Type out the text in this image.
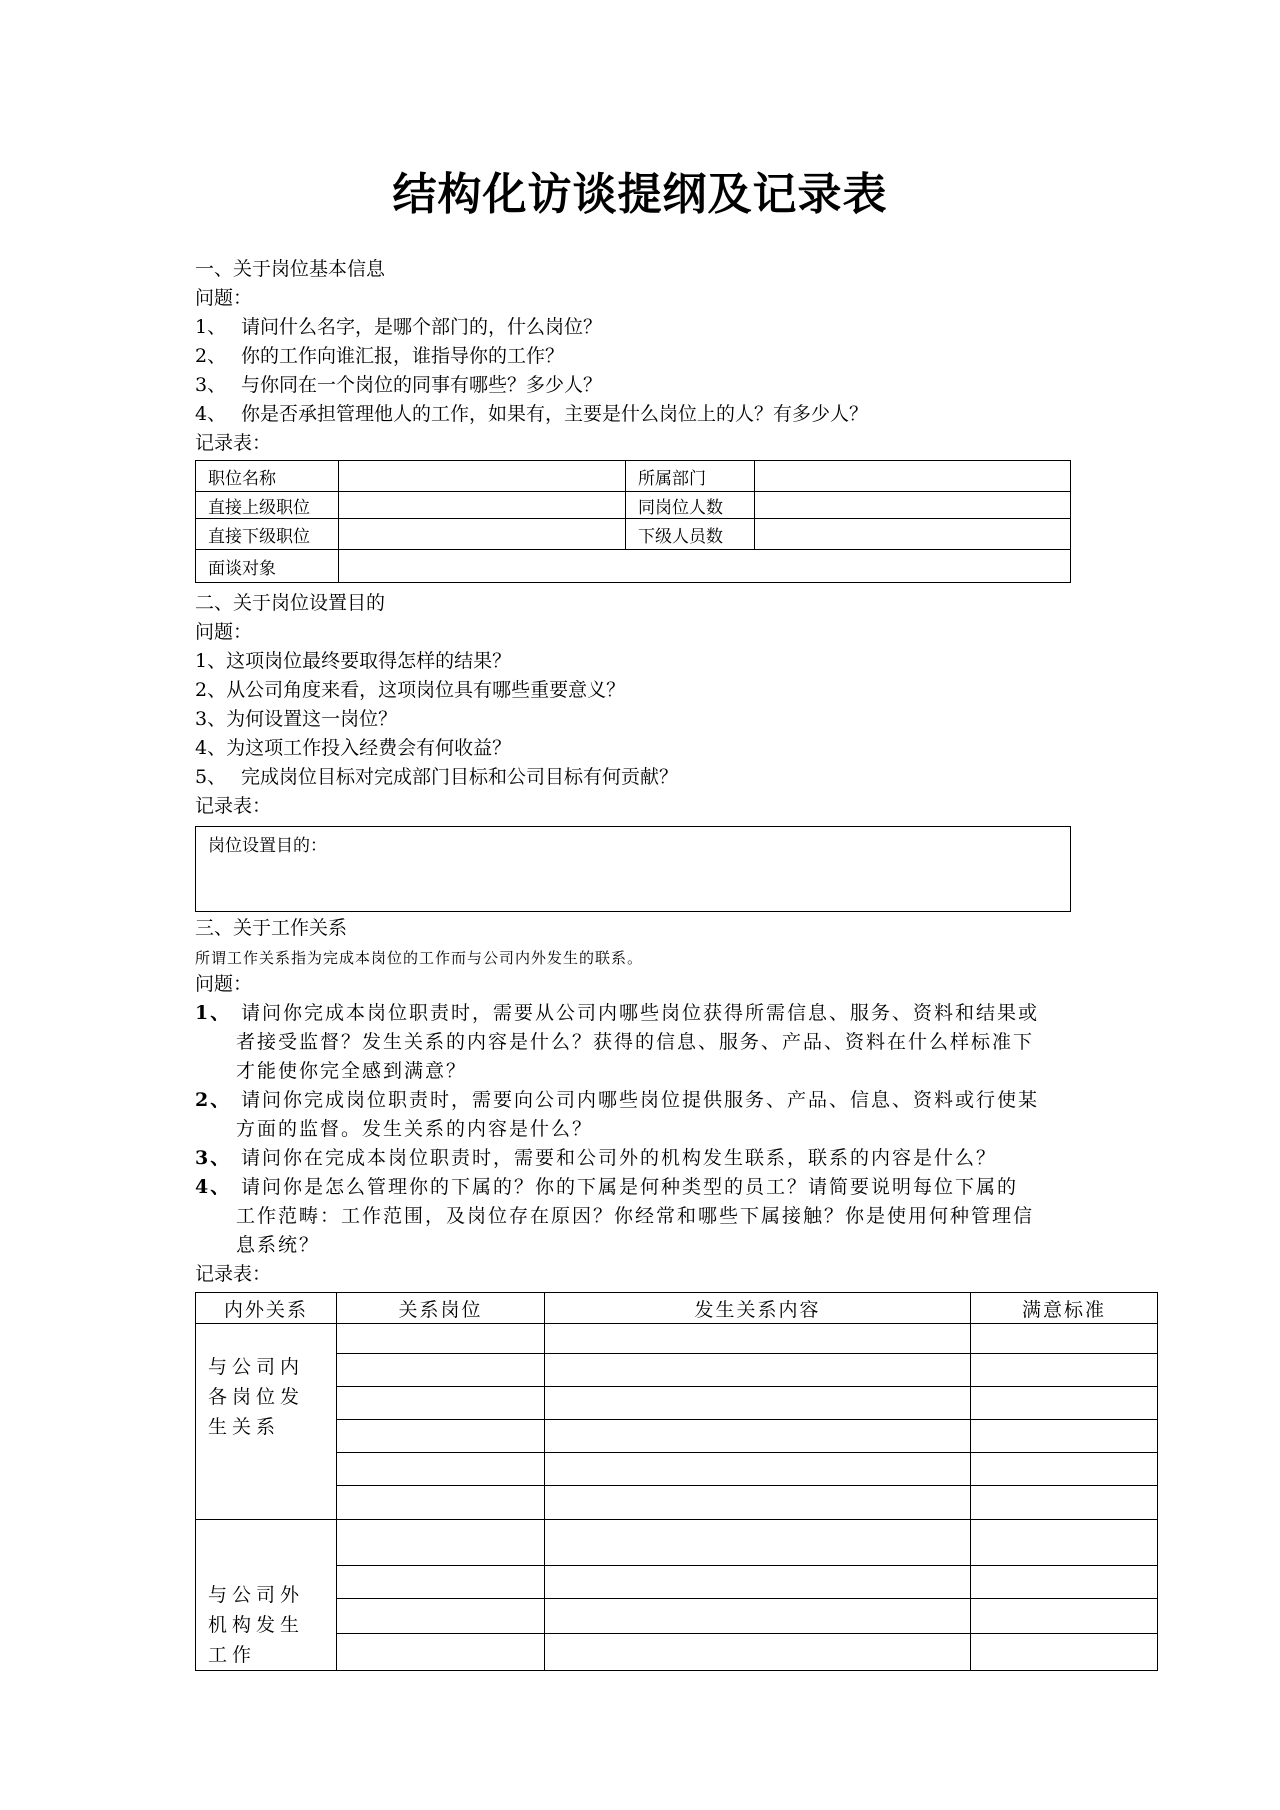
结构化访谈提纲及记录表
一、关于岗位基本信息
问题：
1、 请问什么名字，是哪个部门的，什么岗位？
2、 你的工作向谁汇报，谁指导你的工作？
3、 与你同在一个岗位的同事有哪些？多少人？
4、 你是否承担管理他人的工作，如果有，主要是什么岗位上的人？有多少人？
记录表：
职位名称		所属部门	
直接上级职位		同岗位人数	
直接下级职位		下级人员数	
面谈对象			
二、关于岗位设置目的
问题：
1、这项岗位最终要取得怎样的结果？
2、从公司角度来看，这项岗位具有哪些重要意义？
3、为何设置这一岗位？
4、为这项工作投入经费会有何收益？
5、 完成岗位目标对完成部门目标和公司目标有何贡献？
记录表：
岗位设置目的：
三、关于工作关系
所谓工作关系指为完成本岗位的工作而与公司内外发生的联系。
问题：
1、 请问你完成本岗位职责时，需要从公司内哪些岗位获得所需信息、服务、资料和结果或
者接受监督？发生关系的内容是什么？获得的信息、服务、产品、资料在什么样标准下
才能使你完全感到满意？
2、 请问你完成岗位职责时，需要向公司内哪些岗位提供服务、产品、信息、资料或行使某
方面的监督。发生关系的内容是什么？
3、 请问你在完成本岗位职责时，需要和公司外的机构发生联系，联系的内容是什么？
4、 请问你是怎么管理你的下属的？你的下属是何种类型的员工？请简要说明每位下属的
工作范畴：工作范围，及岗位存在原因？你经常和哪些下属接触？你是使用何种管理信
息系统？
记录表：
内外关系	关系岗位	发生关系内容	满意标准
与公司内各岗位发生关系			

与公司外机构发生工作			
